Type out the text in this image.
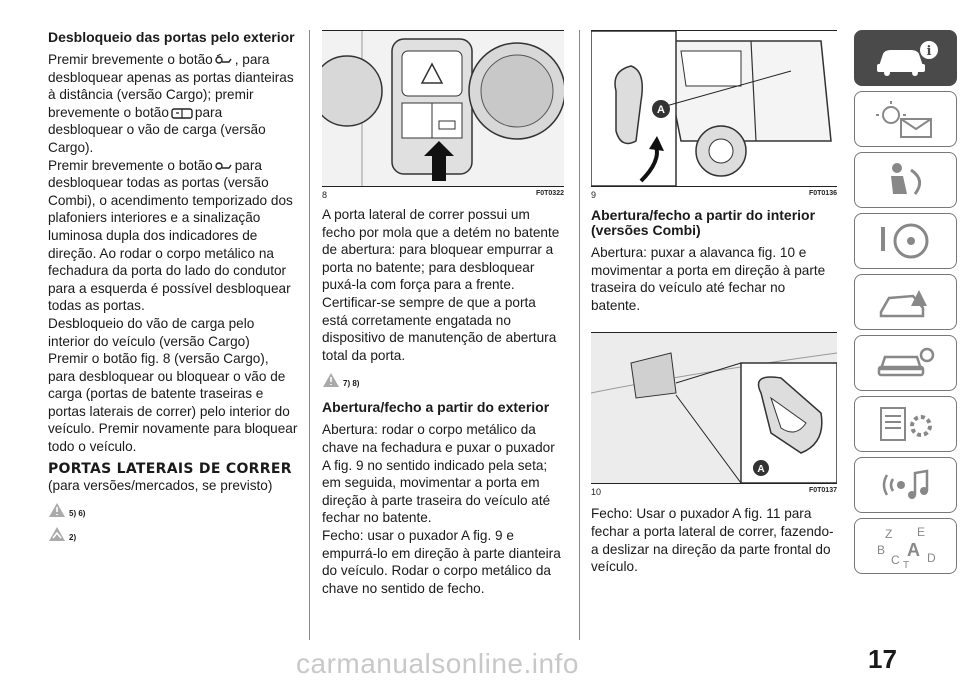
Desbloqueio das portas pelo exterior

Premir brevemente o botão , para desbloquear apenas as portas dianteiras à distância (versão Cargo); premir brevemente o botão para desbloquear o vão de carga (versão Cargo).

Premir brevemente o botão para desbloquear todas as portas (versão Combi), o acendimento temporizado dos plafoniers interiores e a sinalização luminosa dupla dos indicadores de direção. Ao rodar o corpo metálico na fechadura da porta do lado do condutor para a esquerda é possível desbloquear todas as portas.

Desbloqueio do vão de carga pelo interior do veículo (versão Cargo)

Premir o botão fig. 8 (versão Cargo), para desbloquear ou bloquear o vão de carga (portas de batente traseiras e portas laterais de correr) pelo interior do veículo. Premir novamente para bloquear todo o veículo.

PORTAS LATERAIS DE CORRER

(para versões/mercados, se previsto)

5) 6)
2)
8	F0T0322

A porta lateral de correr possui um fecho por mola que a detém no batente de abertura: para bloquear empurrar a porta no batente; para desbloquear puxá-la com força para a frente. Certificar-se sempre de que a porta está corretamente engatada no dispositivo de manutenção de abertura total da porta.

7) 8)
Abertura/fecho a partir do exterior

Abertura: rodar o corpo metálico da chave na fechadura e puxar o puxador A fig. 9 no sentido indicado pela seta; em seguida, movimentar a porta em direção à parte traseira do veículo até fechar no batente.

Fecho: usar o puxador A fig. 9 e empurrá-lo em direção à parte dianteira do veículo. Rodar o corpo metálico da chave no sentido de fecho.

A
9	F0T0136
Abertura/fecho a partir do interior (versões Combi)

Abertura: puxar a alavanca fig. 10 e movimentar a porta em direção à parte traseira do veículo até fechar no batente.

A
10	F0T0137

Fecho: Usar o puxador A fig. 11 para fechar a porta lateral de correr, fazendo-a deslizar na direção da parte frontal do veículo.

i
Z E
B A
C D
T
carmanualsonline.info	17
